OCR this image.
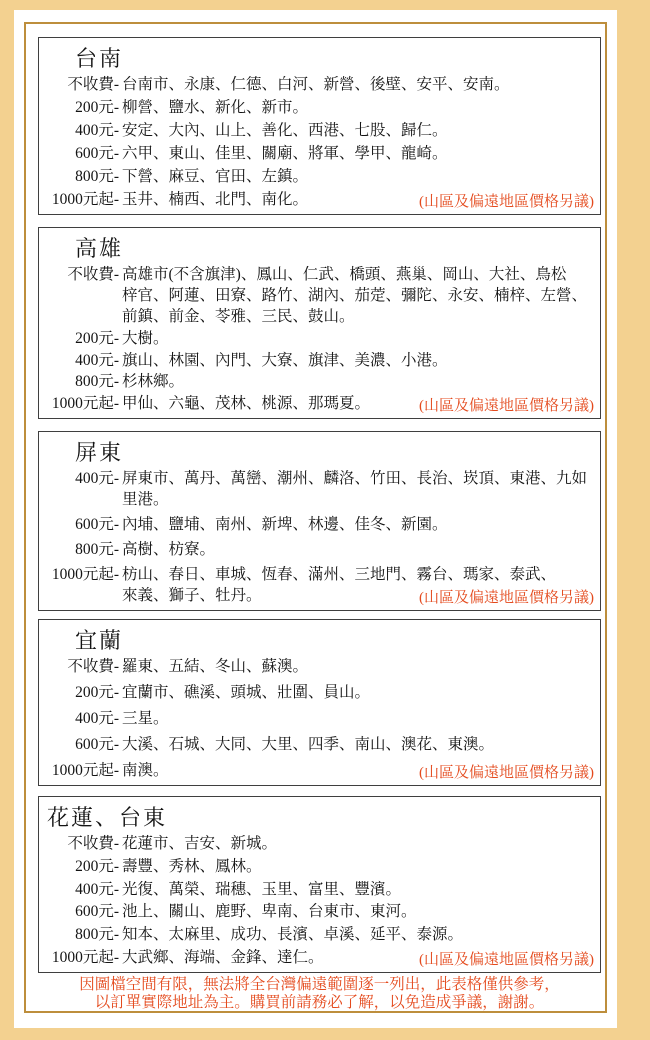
台南
不收費- 台南市、永康、仁德、白河、新營、後壁、安平、安南。
200元- 柳營、鹽水、新化、新市。
400元- 安定、大內、山上、善化、西港、七股、歸仁。
600元- 六甲、東山、佳里、關廟、將軍、學甲、龍崎。
800元- 下營、麻豆、官田、左鎮。
1000元起- 玉井、楠西、北門、南化。	(山區及偏遠地區價格另議)
高雄
不收費- 高雄市(不含旗津)、鳳山、仁武、橋頭、燕巢、岡山、大社、鳥松
梓官、阿蓮、田寮、路竹、湖內、茄萣、彌陀、永安、楠梓、左營、
前鎮、前金、苓雅、三民、鼓山。
200元- 大樹。
400元- 旗山、林園、內門、大寮、旗津、美濃、小港。
800元- 杉林鄉。
1000元起- 甲仙、六龜、茂林、桃源、那瑪夏。	(山區及偏遠地區價格另議)
屏東
400元- 屏東市、萬丹、萬巒、潮州、麟洛、竹田、長治、崁頂、東港、九如
里港。
600元- 內埔、鹽埔、南州、新埤、林邊、佳冬、新園。
800元- 高樹、枋寮。
1000元起- 枋山、春日、車城、恆春、滿州、三地門、霧台、瑪家、泰武、
來義、獅子、牡丹。	(山區及偏遠地區價格另議)
宜蘭
不收費- 羅東、五結、冬山、蘇澳。
200元- 宜蘭市、礁溪、頭城、壯圍、員山。
400元- 三星。
600元- 大溪、石城、大同、大里、四季、南山、澳花、東澳。
1000元起- 南澳。	(山區及偏遠地區價格另議)
花蓮、台東
不收費- 花蓮市、吉安、新城。
200元- 壽豐、秀林、鳳林。
400元- 光復、萬榮、瑞穗、玉里、富里、豐濱。
600元- 池上、關山、鹿野、卑南、台東市、東河。
800元- 知本、太麻里、成功、長濱、卓溪、延平、泰源。
1000元起- 大武鄉、海端、金鋒、達仁。	(山區及偏遠地區價格另議)
因圖檔空間有限，無法將全台灣偏遠範圍逐一列出，此表格僅供參考，
以訂單實際地址為主。購買前請務必了解，以免造成爭議，謝謝。
